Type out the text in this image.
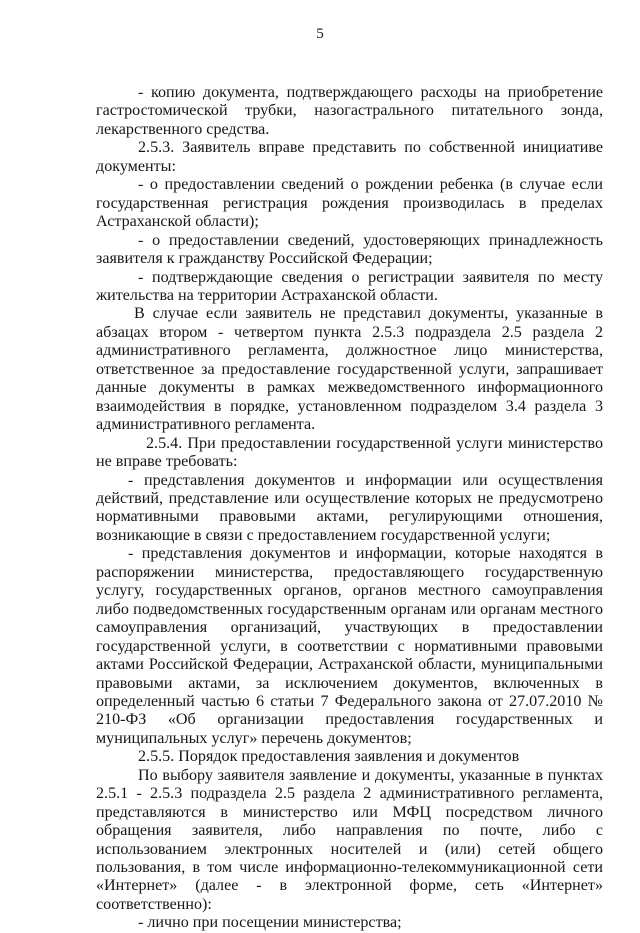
5

- копию документа, подтверждающего расходы на приобретение гастростомической трубки, назогастрального питательного зонда, лекарственного средства.

2.5.3. Заявитель вправе представить по собственной инициативе документы:

- о предоставлении сведений о рождении ребенка (в случае если государственная регистрация рождения производилась в пределах Астраханской области);

- о предоставлении сведений, удостоверяющих принадлежность заявителя к гражданству Российской Федерации;

- подтверждающие сведения о регистрации заявителя по месту жительства на территории Астраханской области.

В случае если заявитель не представил документы, указанные в абзацах втором - четвертом пункта 2.5.3 подраздела 2.5 раздела 2 административного регламента, должностное лицо министерства, ответственное за предоставление государственной услуги, запрашивает данные документы в рамках межведомственного информационного взаимодействия в порядке, установленном подразделом 3.4 раздела 3 административного регламента.

2.5.4. При предоставлении государственной услуги министерство не вправе требовать:

- представления документов и информации или осуществления действий, представление или осуществление которых не предусмотрено нормативными правовыми актами, регулирующими отношения, возникающие в связи с предоставлением государственной услуги;

- представления документов и информации, которые находятся в распоряжении министерства, предоставляющего государственную услугу, государственных органов, органов местного самоуправления либо подведомственных государственным органам или органам местного самоуправления организаций, участвующих в предоставлении государственной услуги, в соответствии с нормативными правовыми актами Российской Федерации, Астраханской области, муниципальными правовыми актами, за исключением документов, включенных в определенный частью 6 статьи 7 Федерального закона от 27.07.2010 № 210-ФЗ «Об организации предоставления государственных и муниципальных услуг» перечень документов;

2.5.5. Порядок предоставления заявления и документов

По выбору заявителя заявление и документы, указанные в пунктах 2.5.1 - 2.5.3 подраздела 2.5 раздела 2 административного регламента, представляются в министерство или МФЦ посредством личного обращения заявителя, либо направления по почте, либо с использованием электронных носителей и (или) сетей общего пользования, в том числе информационно-телекоммуникационной сети «Интернет» (далее - в электронной форме, сеть «Интернет» соответственно):

- лично при посещении министерства;
